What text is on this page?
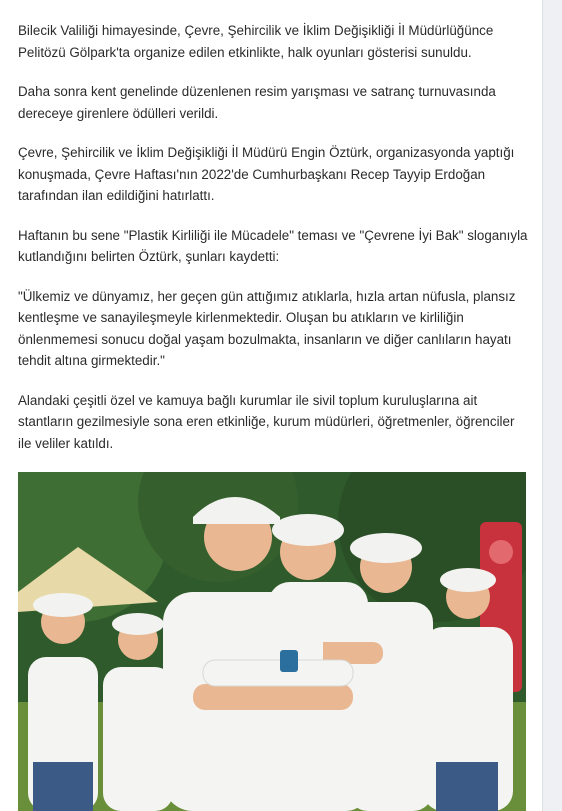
Bilecik Valiliği himayesinde, Çevre, Şehircilik ve İklim Değişikliği İl Müdürlüğünce Pelitözü Gölpark'ta organize edilen etkinlikte, halk oyunları gösterisi sunuldu.

Daha sonra kent genelinde düzenlenen resim yarışması ve satranç turnuvasında dereceye girenlere ödülleri verildi.

Çevre, Şehircilik ve İklim Değişikliği İl Müdürü Engin Öztürk, organizasyonda yaptığı konuşmada, Çevre Haftası'nın 2022'de Cumhurbaşkanı Recep Tayyip Erdoğan tarafından ilan edildiğini hatırlattı.

Haftanın bu sene "Plastik Kirliliği ile Mücadele" teması ve "Çevrene İyi Bak" sloganıyla kutlandığını belirten Öztürk, şunları kaydetti:

"Ülkemiz ve dünyamız, her geçen gün attığımız atıklarla, hızla artan nüfusla, plansız kentleşme ve sanayileşmeyle kirlenmektedir. Oluşan bu atıkların ve kirliliğin önlenmemesi sonucu doğal yaşam bozulmakta, insanların ve diğer canlıların hayatı tehdit altına girmektedir."

Alandaki çeşitli özel ve kamuya bağlı kurumlar ile sivil toplum kuruluşlarına ait stantların gezilmesiyle sona eren etkinliğe, kurum müdürleri, öğretmenler, öğrenciler ile veliler katıldı.
